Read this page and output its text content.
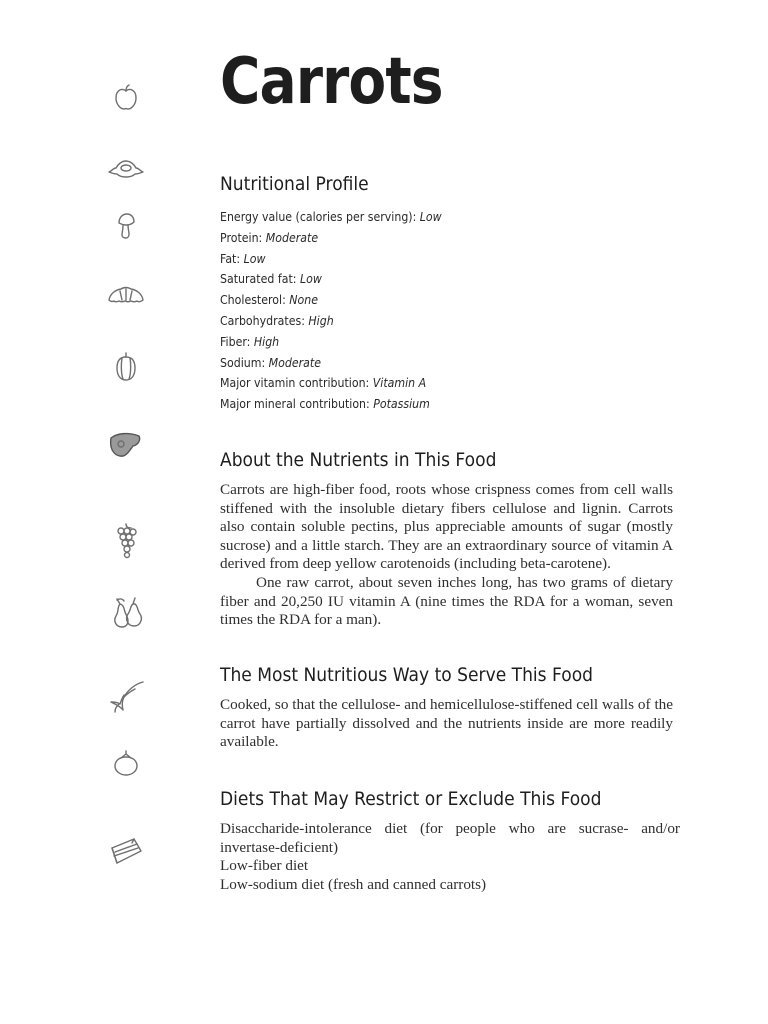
Carrots
Nutritional Profile
Energy value (calories per serving): Low
Protein: Moderate
Fat: Low
Saturated fat: Low
Cholesterol: None
Carbohydrates: High
Fiber: High
Sodium: Moderate
Major vitamin contribution: Vitamin A
Major mineral contribution: Potassium
About the Nutrients in This Food

Carrots are high-fiber food, roots whose crispness comes from cell walls stiffened with the insoluble dietary fibers cellulose and lignin. Carrots also contain soluble pectins, plus appreciable amounts of sugar (mostly sucrose) and a little starch. They are an extraordinary source of vitamin A derived from deep yellow carotenoids (including beta-carotene).

One raw carrot, about seven inches long, has two grams of dietary fiber and 20,250 IU vitamin A (nine times the RDA for a woman, seven times the RDA for a man).

The Most Nutritious Way to Serve This Food

Cooked, so that the cellulose- and hemicellulose-stiffened cell walls of the carrot have partially dissolved and the nutrients inside are more readily available.

Diets That May Restrict or Exclude This Food
Disaccharide-intolerance diet (for people who are sucrase- and/or
invertase-deficient)
Low-fiber diet
Low-sodium diet (fresh and canned carrots)
